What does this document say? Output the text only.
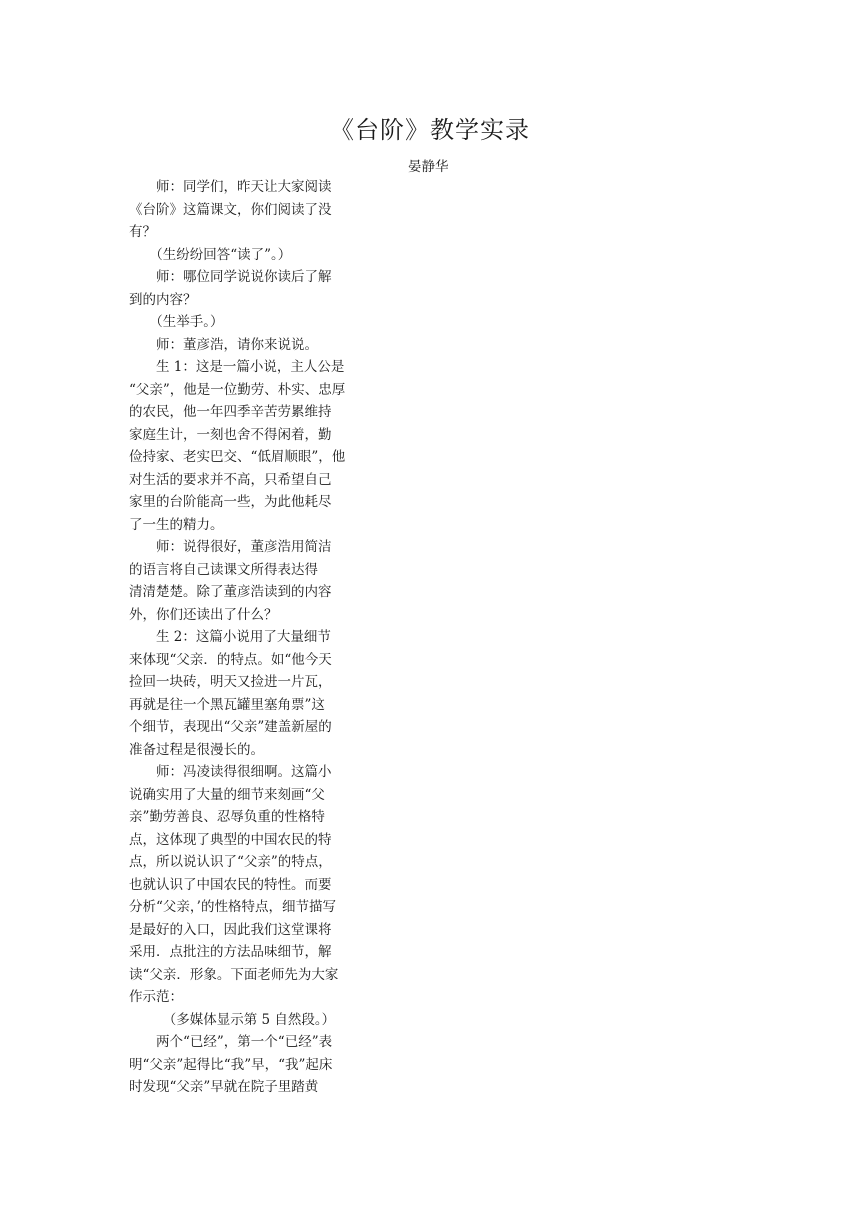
《台阶》教学实录
晏静华
　　师：同学们，昨天让大家阅读
《台阶》这篇课文，你们阅读了没
有？
　　（生纷纷回答“读了”。）
　　师：哪位同学说说你读后了解
到的内容？
　　（生举手。）
　　师：董彦浩，请你来说说。
　　生 1：这是一篇小说，主人公是
“父亲”，他是一位勤劳、朴实、忠厚
的农民，他一年四季辛苦劳累维持
家庭生计，一刻也舍不得闲着，勤
俭持家、老实巴交、“低眉顺眼”，他
对生活的要求并不高，只希望自己
家里的台阶能高一些，为此他耗尽
了一生的精力。
　　师：说得很好，董彦浩用简洁
的语言将自己读课文所得表达得
清清楚楚。除了董彦浩读到的内容
外，你们还读出了什么？
　　生 2：这篇小说用了大量细节
来体现“父亲．的特点。如“他今天
捡回一块砖，明天又捡进一片瓦，
再就是往一个黑瓦罐里塞角票”这
个细节，表现出“父亲”建盖新屋的
准备过程是很漫长的。
　　师：冯凌读得很细啊。这篇小
说确实用了大量的细节来刻画“父
亲”勤劳善良、忍辱负重的性格特
点，这体现了典型的中国农民的特
点，所以说认识了“父亲”的特点，
也就认识了中国农民的特性。而要
分析“父亲，’的性格特点，细节描写
是最好的入口，因此我们这堂课将
采用．点批注的方法品味细节，解
读“父亲．形象。下面老师先为大家
作示范：
　　　（多媒体显示第 5 自然段。）
　　两个“已经”，第一个“已经”表
明“父亲”起得比“我”早，“我”起床
时发现“父亲”早就在院子里踏黄
